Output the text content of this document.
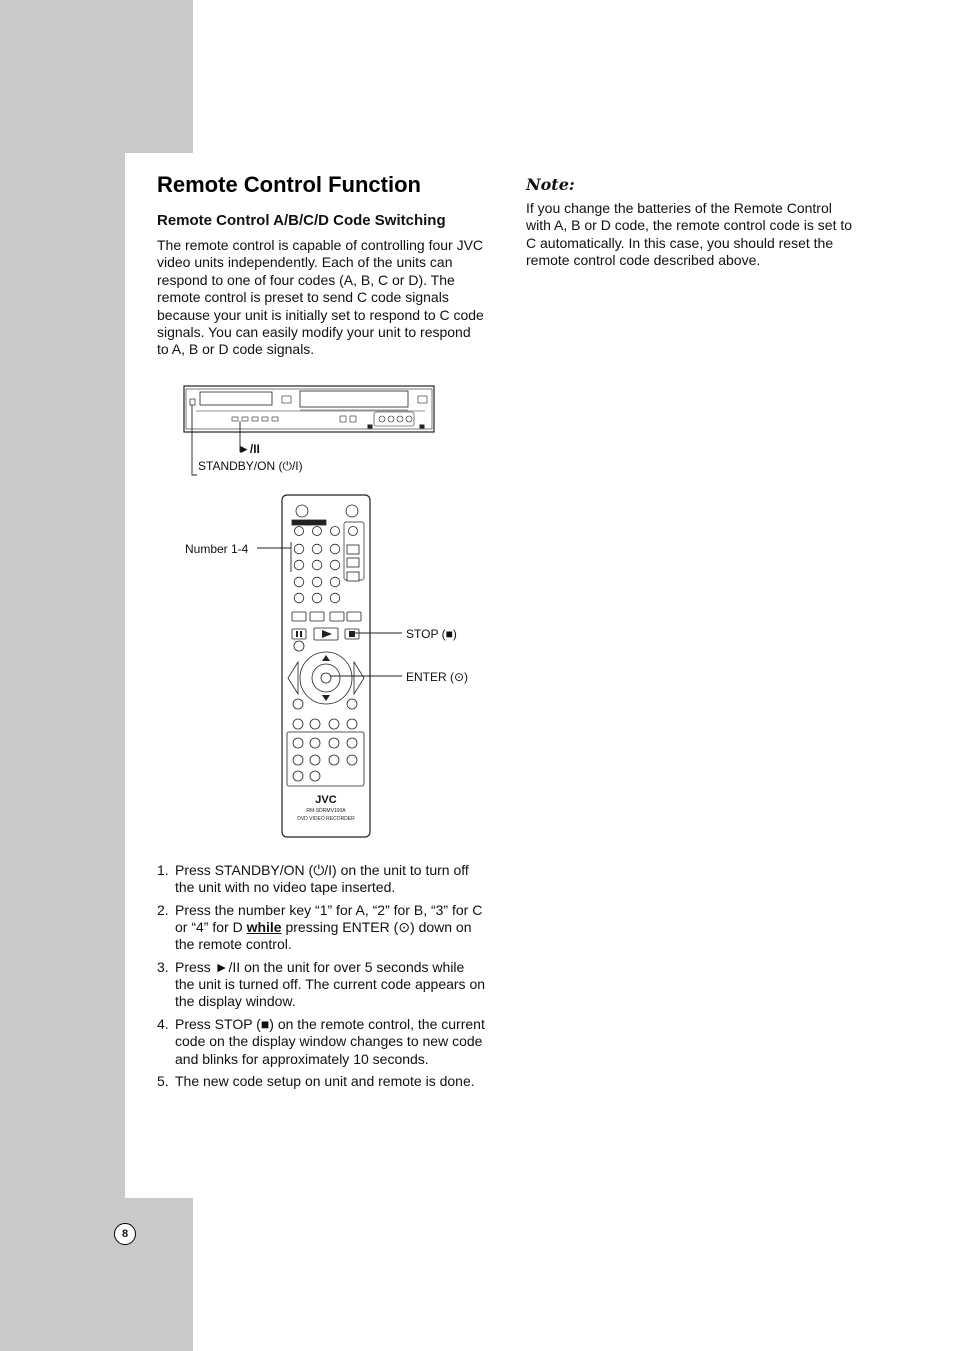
Remote Control Function
Remote Control A/B/C/D Code Switching

The remote control is capable of controlling four JVC video units independently. Each of the units can respond to one of four codes (A, B, C or D). The remote control is preset to send C code signals because your unit is initially set to respond to C code signals. You can easily modify your unit to respond to A, B or D code signals.

Note:

If you change the batteries of the Remote Control with A, B or D code, the remote control code is set to C automatically. In this case, you should reset the remote control code described above.

JVC
RM-SDRMV100A
DVD VIDEO RECORDER

►/II

STANDBY/ON (⏻/I)

Number 1-4

STOP (■)

ENTER (⊙)

1. Press STANDBY/ON (⏻/I) on the unit to turn off the unit with no video tape inserted.
2. Press the number key “1” for A, “2” for B, “3” for C or “4” for D while pressing ENTER (⊙) down on the remote control.
3. Press ►/II on the unit for over 5 seconds while the unit is turned off. The current code appears on the display window.
4. Press STOP (■) on the remote control, the current code on the display window changes to new code and blinks for approximately 10 seconds.
5. The new code setup on unit and remote is done.
8
